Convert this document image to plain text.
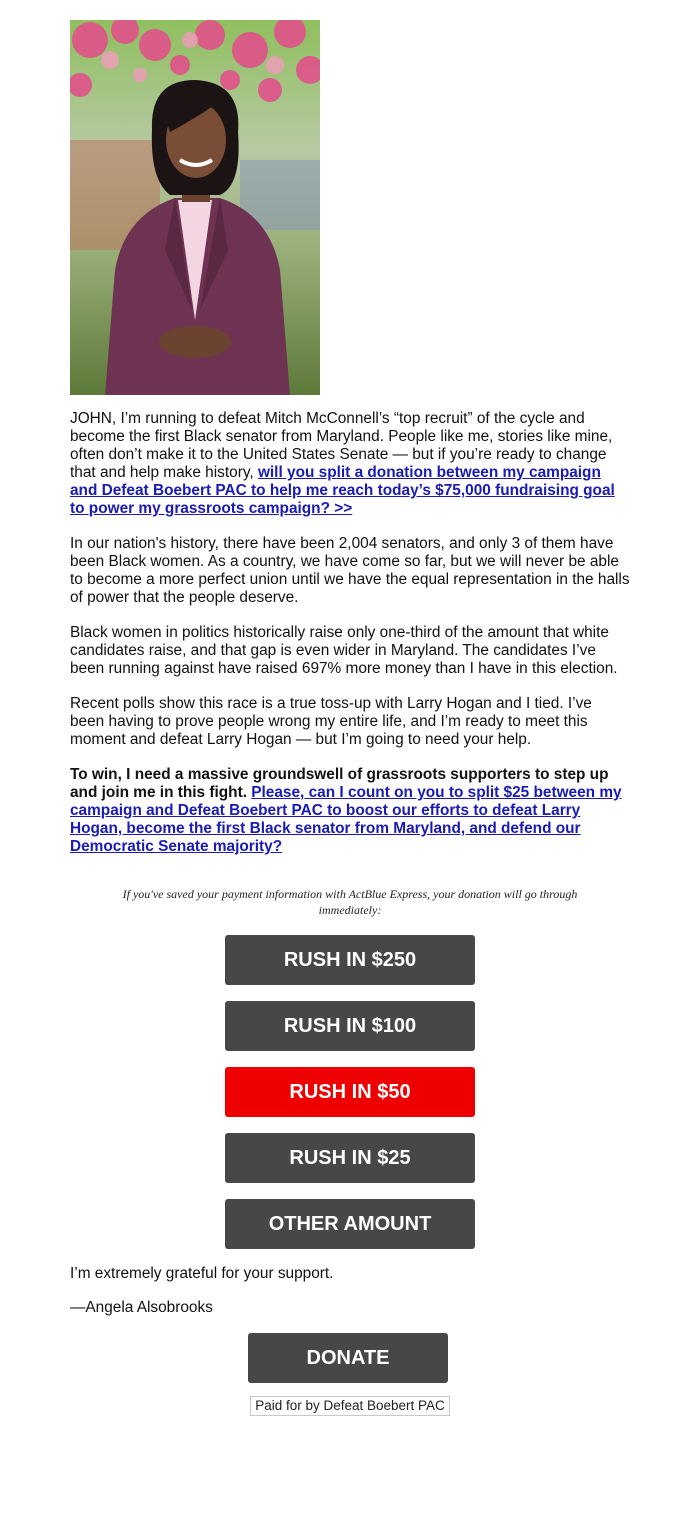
JOHN, I’m running to defeat Mitch McConnell’s “top recruit” of the cycle and become the first Black senator from Maryland. People like me, stories like mine, often don’t make it to the United States Senate — but if you’re ready to change that and help make history, will you split a donation between my campaign and Defeat Boebert PAC to help me reach today’s $75,000 fundraising goal to power my grassroots campaign? >>

In our nation's history, there have been 2,004 senators, and only 3 of them have been Black women. As a country, we have come so far, but we will never be able to become a more perfect union until we have the equal representation in the halls of power that the people deserve.

Black women in politics historically raise only one-third of the amount that white candidates raise, and that gap is even wider in Maryland. The candidates I’ve been running against have raised 697% more money than I have in this election.

Recent polls show this race is a true toss-up with Larry Hogan and I tied. I’ve been having to prove people wrong my entire life, and I’m ready to meet this moment and defeat Larry Hogan — but I’m going to need your help.

To win, I need a massive groundswell of grassroots supporters to step up and join me in this fight. Please, can I count on you to split $25 between my campaign and Defeat Boebert PAC to boost our efforts to defeat Larry Hogan, become the first Black senator from Maryland, and defend our Democratic Senate majority?

If you've saved your payment information with ActBlue Express, your donation will go through immediately:
RUSH IN $250
RUSH IN $100
RUSH IN $50
RUSH IN $25
OTHER AMOUNT
I’m extremely grateful for your support.
—Angela Alsobrooks
DONATE
Paid for by Defeat Boebert PAC
